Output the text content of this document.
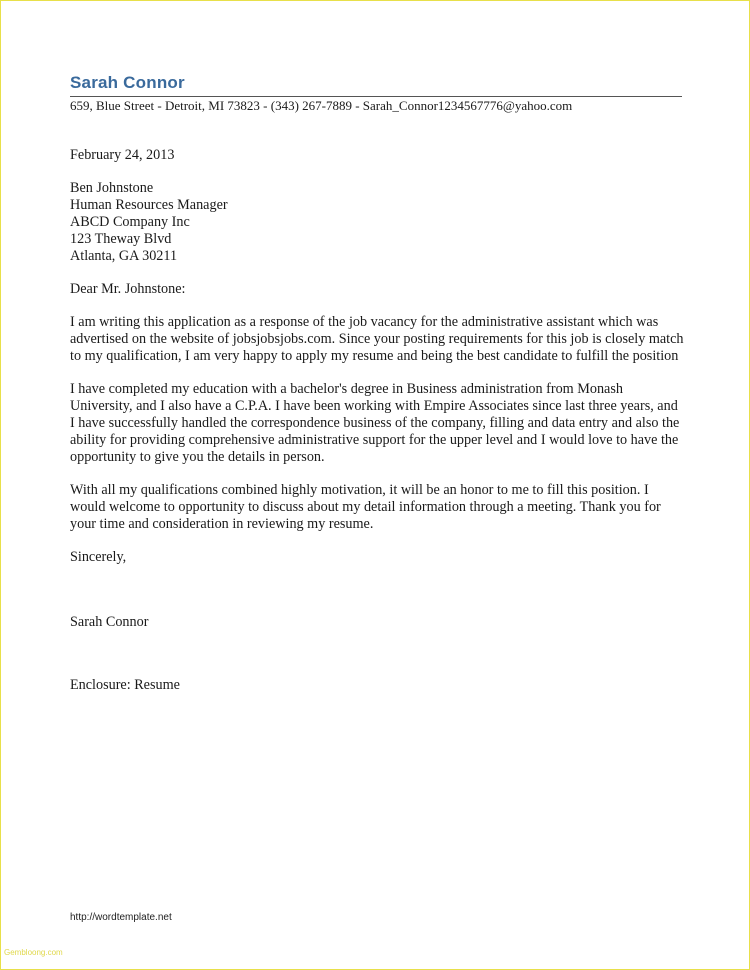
Sarah Connor
659, Blue Street - Detroit, MI 73823 - (343) 267-7889 - Sarah_Connor1234567776@yahoo.com

February 24, 2013

Ben Johnstone
Human Resources Manager
ABCD Company Inc
123 Theway Blvd
Atlanta, GA 30211

Dear Mr. Johnstone:

I am writing this application as a response of the job vacancy for the administrative assistant which was advertised on the website of jobsjobsjobs.com. Since your posting requirements for this job is closely match to my qualification, I am very happy to apply my resume and being the best candidate to fulfill the position

I have completed my education with a bachelor's degree in Business administration from Monash University, and I also have a C.P.A. I have been working with Empire Associates since last three years, and I have successfully handled the correspondence business of the company, filling and data entry and also the ability for providing comprehensive administrative support for the upper level and I would love to have the opportunity to give you the details in person.

With all my qualifications combined highly motivation, it will be an honor to me to fill this position. I would welcome to opportunity to discuss about my detail information through a meeting. Thank you for your time and consideration in reviewing my resume.

Sincerely,

Sarah Connor

Enclosure: Resume

http://wordtemplate.net
Gembloong.com
